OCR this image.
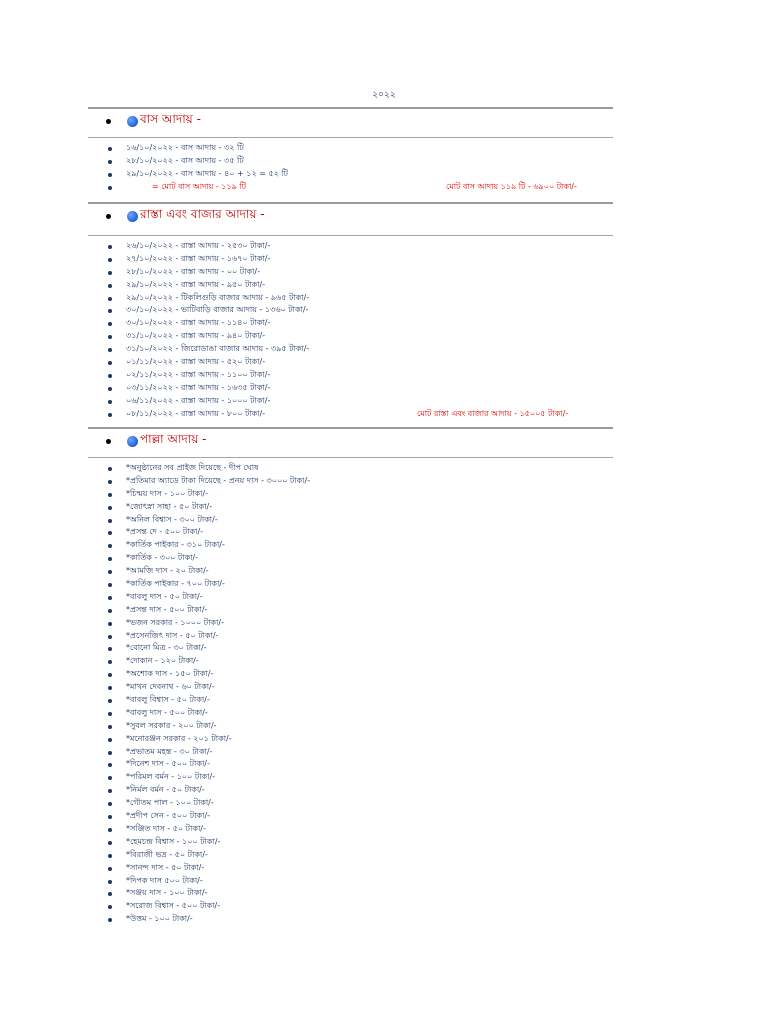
২০২২
বাস আদায় -
১৬/১০/২০২২ - বাস আদায় - ৩২ টি
২৮/১০/২০২২ - বাস আদায় - ৩৫ টি
২৯/১০/২০২২ - বাস আদায় - ৪০ + ১২ = ৫২ টি

= মোট বাস আদায় - ১১৯ টি	মোট বাস আদায় ১১৯ টি - ৬৯০০ টাকা/-
রাস্তা এবং বাজার আদায় -
২৬/১০/২০২২ - রাস্তা আদায় - ২৫৩০ টাকা/-
২৭/১০/২০২২ - রাস্তা আদায় - ১৬৭০ টাকা/-
২৮/১০/২০২২ - রাস্তা আদায় - ০০ টাকা/-
২৯/১০/২০২২ - রাস্তা আদায় - ৯৫০ টাকা/-
২৯/১০/২০২২ - টিকলিগুড়ি বাজার আদায় - ৯৬৫ টাকা/-
৩০/১০/২০২২ - ভাটিবাড়ি বাজার আদায় - ১৩৬০ টাকা/-
৩০/১০/২০২২ - রাস্তা আদায় - ১১৪০ টাকা/-
৩১/১০/২০২২ - রাস্তা আদায় - ৯৪০ টাকা/-
৩১/১০/২০২২ - জিরোডাঙা বাজার আদায় - ৩৯৫ টাকা/-
০১/১১/২০২২ - রাস্তা আদায় - ৫২০ টাকা/-
০২/১১/২০২২ - রাস্তা আদায় - ১১০০ টাকা/-
০৩/১১/২০২২ - রাস্তা আদায় - ১৬৩৫ টাকা/-
০৬/১১/২০২২ - রাস্তা আদায় - ১০০০ টাকা/-
০৮/১১/২০২২ - রাস্তা আদায় - ৮০০ টাকা/-	মোট রাস্তা এবং বাজার আদায় - ১৫০০৫ টাকা/-
পাল্লা আদায় -
*অনুষ্ঠানের সব প্রাইজ দিয়েছে - দীপ ঘোষ
*প্রতিমার অ্যাডে টাকা দিয়েছে - প্রনয় দাস - ৩০০০ টাকা/-
*চিন্ময় দাস - ১০০ টাকা/-
*জোৎস্না সাহা - ৫০ টাকা/-
*অনিল বিশ্বাস - ৩০০ টাকা/-
*প্রসন্ত দে - ৫০০ টাকা/-
*কার্তিক পাইকার - ৩১০ টাকা/-
*কার্তিক - ৩০০ টাকা/-
*আমজি দাস - ২০ টাকা/-
*কার্তিক পাইকার - ৭০০ টাকা/-
*বাবলু দাস - ৫০ টাকা/-
*প্রসন্ত দাস - ৫০০ টাকা/-
*ভজন সরকার - ১০০০ টাকা/-
*প্রসেনজিৎ দাস - ৫০ টাকা/-
*বোনো মিত্র - ৩০ টাকা/-
*দোকান - ১২০ টাকা/-
*অশোক দাস - ১৫০ টাকা/-
*মাখন দেবনাথ - ৬০ টাকা/-
*বাবলু বিশ্বাস - ৫০ টাকা/-
*বাবলু দাস - ৫০০ টাকা/-
*সুবল সরকার - ২০০ টাকা/-
*মনোরঞ্জন সরকার - ২০১ টাকা/-
*প্রভাতম মহন্ত - ৩০ টাকা/-
*দিনেশ দাস - ৫০০ টাকা/-
*পরিমল বর্মন - ১০০ টাকা/-
*নির্মল বর্মন - ৫০ টাকা/-
*গৌতম পাল - ১০০ টাকা/-
*প্রদীপ সেন - ৫০০ টাকা/-
*সঞ্জিত দাস - ৫০ টাকা/-
*হেমচন্দ্র বিশ্বাস - ১০০ টাকা/-
*বিরাজী ভদ্র - ৫০ টাকা/-
*সানন্দ দাস - ৫০ টাকা/-
*দিপক দাস ৫০০ টাকা/-
*সঞ্জয় দাস - ১০০ টাকা/-
*সরোজ বিশ্বাস - ৫০০ টাকা/-
*উত্তম - ১০০ টাকা/-
